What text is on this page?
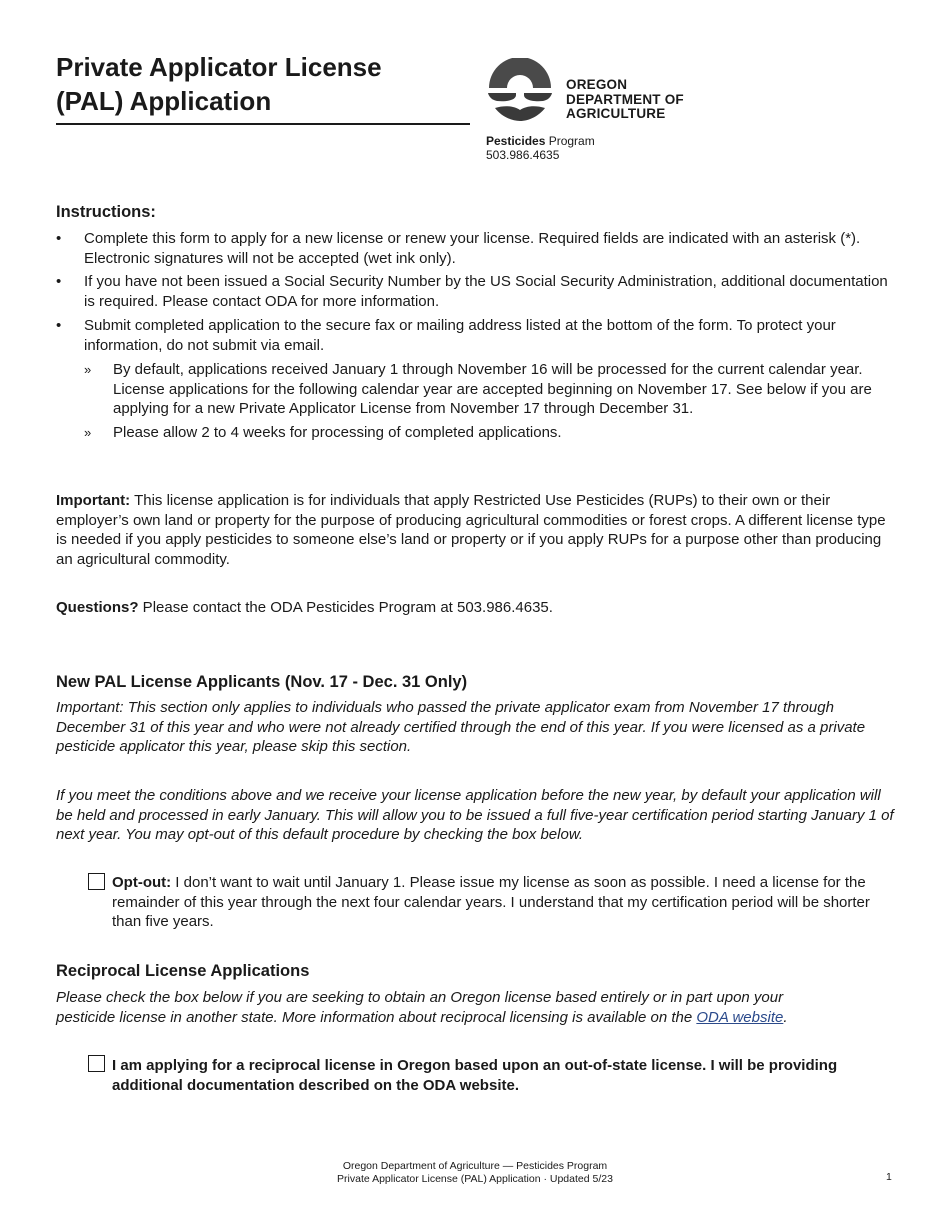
Private Applicator License
(PAL) Application
OREGON
DEPARTMENT OF
AGRICULTURE
Pesticides Program
503.986.4635
Instructions:
•	Complete this form to apply for a new license or renew your license. Required fields are indicated with an asterisk (*). Electronic signatures will not be accepted (wet ink only).
•	If you have not been issued a Social Security Number by the US Social Security Administration, additional documentation is required. Please contact ODA for more information.
•	Submit completed application to the secure fax or mailing address listed at the bottom of the form. To protect your information, do not submit via email.
» By default, applications received January 1 through November 16 will be processed for the current calendar year. License applications for the following calendar year are accepted beginning on November 17. See below if you are applying for a new Private Applicator License from November 17 through December 31.
» Please allow 2 to 4 weeks for processing of completed applications.
Important: This license application is for individuals that apply Restricted Use Pesticides (RUPs) to their own or their employer’s own land or property for the purpose of producing agricultural commodities or forest crops. A different license type is needed if you apply pesticides to someone else’s land or property or if you apply RUPs for a purpose other than producing an agricultural commodity.
Questions? Please contact the ODA Pesticides Program at 503.986.4635.
New PAL License Applicants (Nov. 17 - Dec. 31 Only)
Important: This section only applies to individuals who passed the private applicator exam from November 17 through December 31 of this year and who were not already certified through the end of this year. If you were licensed as a private pesticide applicator this year, please skip this section.
If you meet the conditions above and we receive your license application before the new year, by default your application will be held and processed in early January. This will allow you to be issued a full five-year certification period starting January 1 of next year. You may opt-out of this default procedure by checking the box below.
Opt-out: I don’t want to wait until January 1. Please issue my license as soon as possible. I need a license for the remainder of this year through the next four calendar years. I understand that my certification period will be shorter than five years.
Reciprocal License Applications
Please check the box below if you are seeking to obtain an Oregon license based entirely or in part upon your pesticide license in another state. More information about reciprocal licensing is available on the ODA website.
I am applying for a reciprocal license in Oregon based upon an out-of-state license. I will be providing additional documentation described on the ODA website.
Oregon Department of Agriculture — Pesticides Program
Private Applicator License (PAL) Application · Updated 5/23	1
